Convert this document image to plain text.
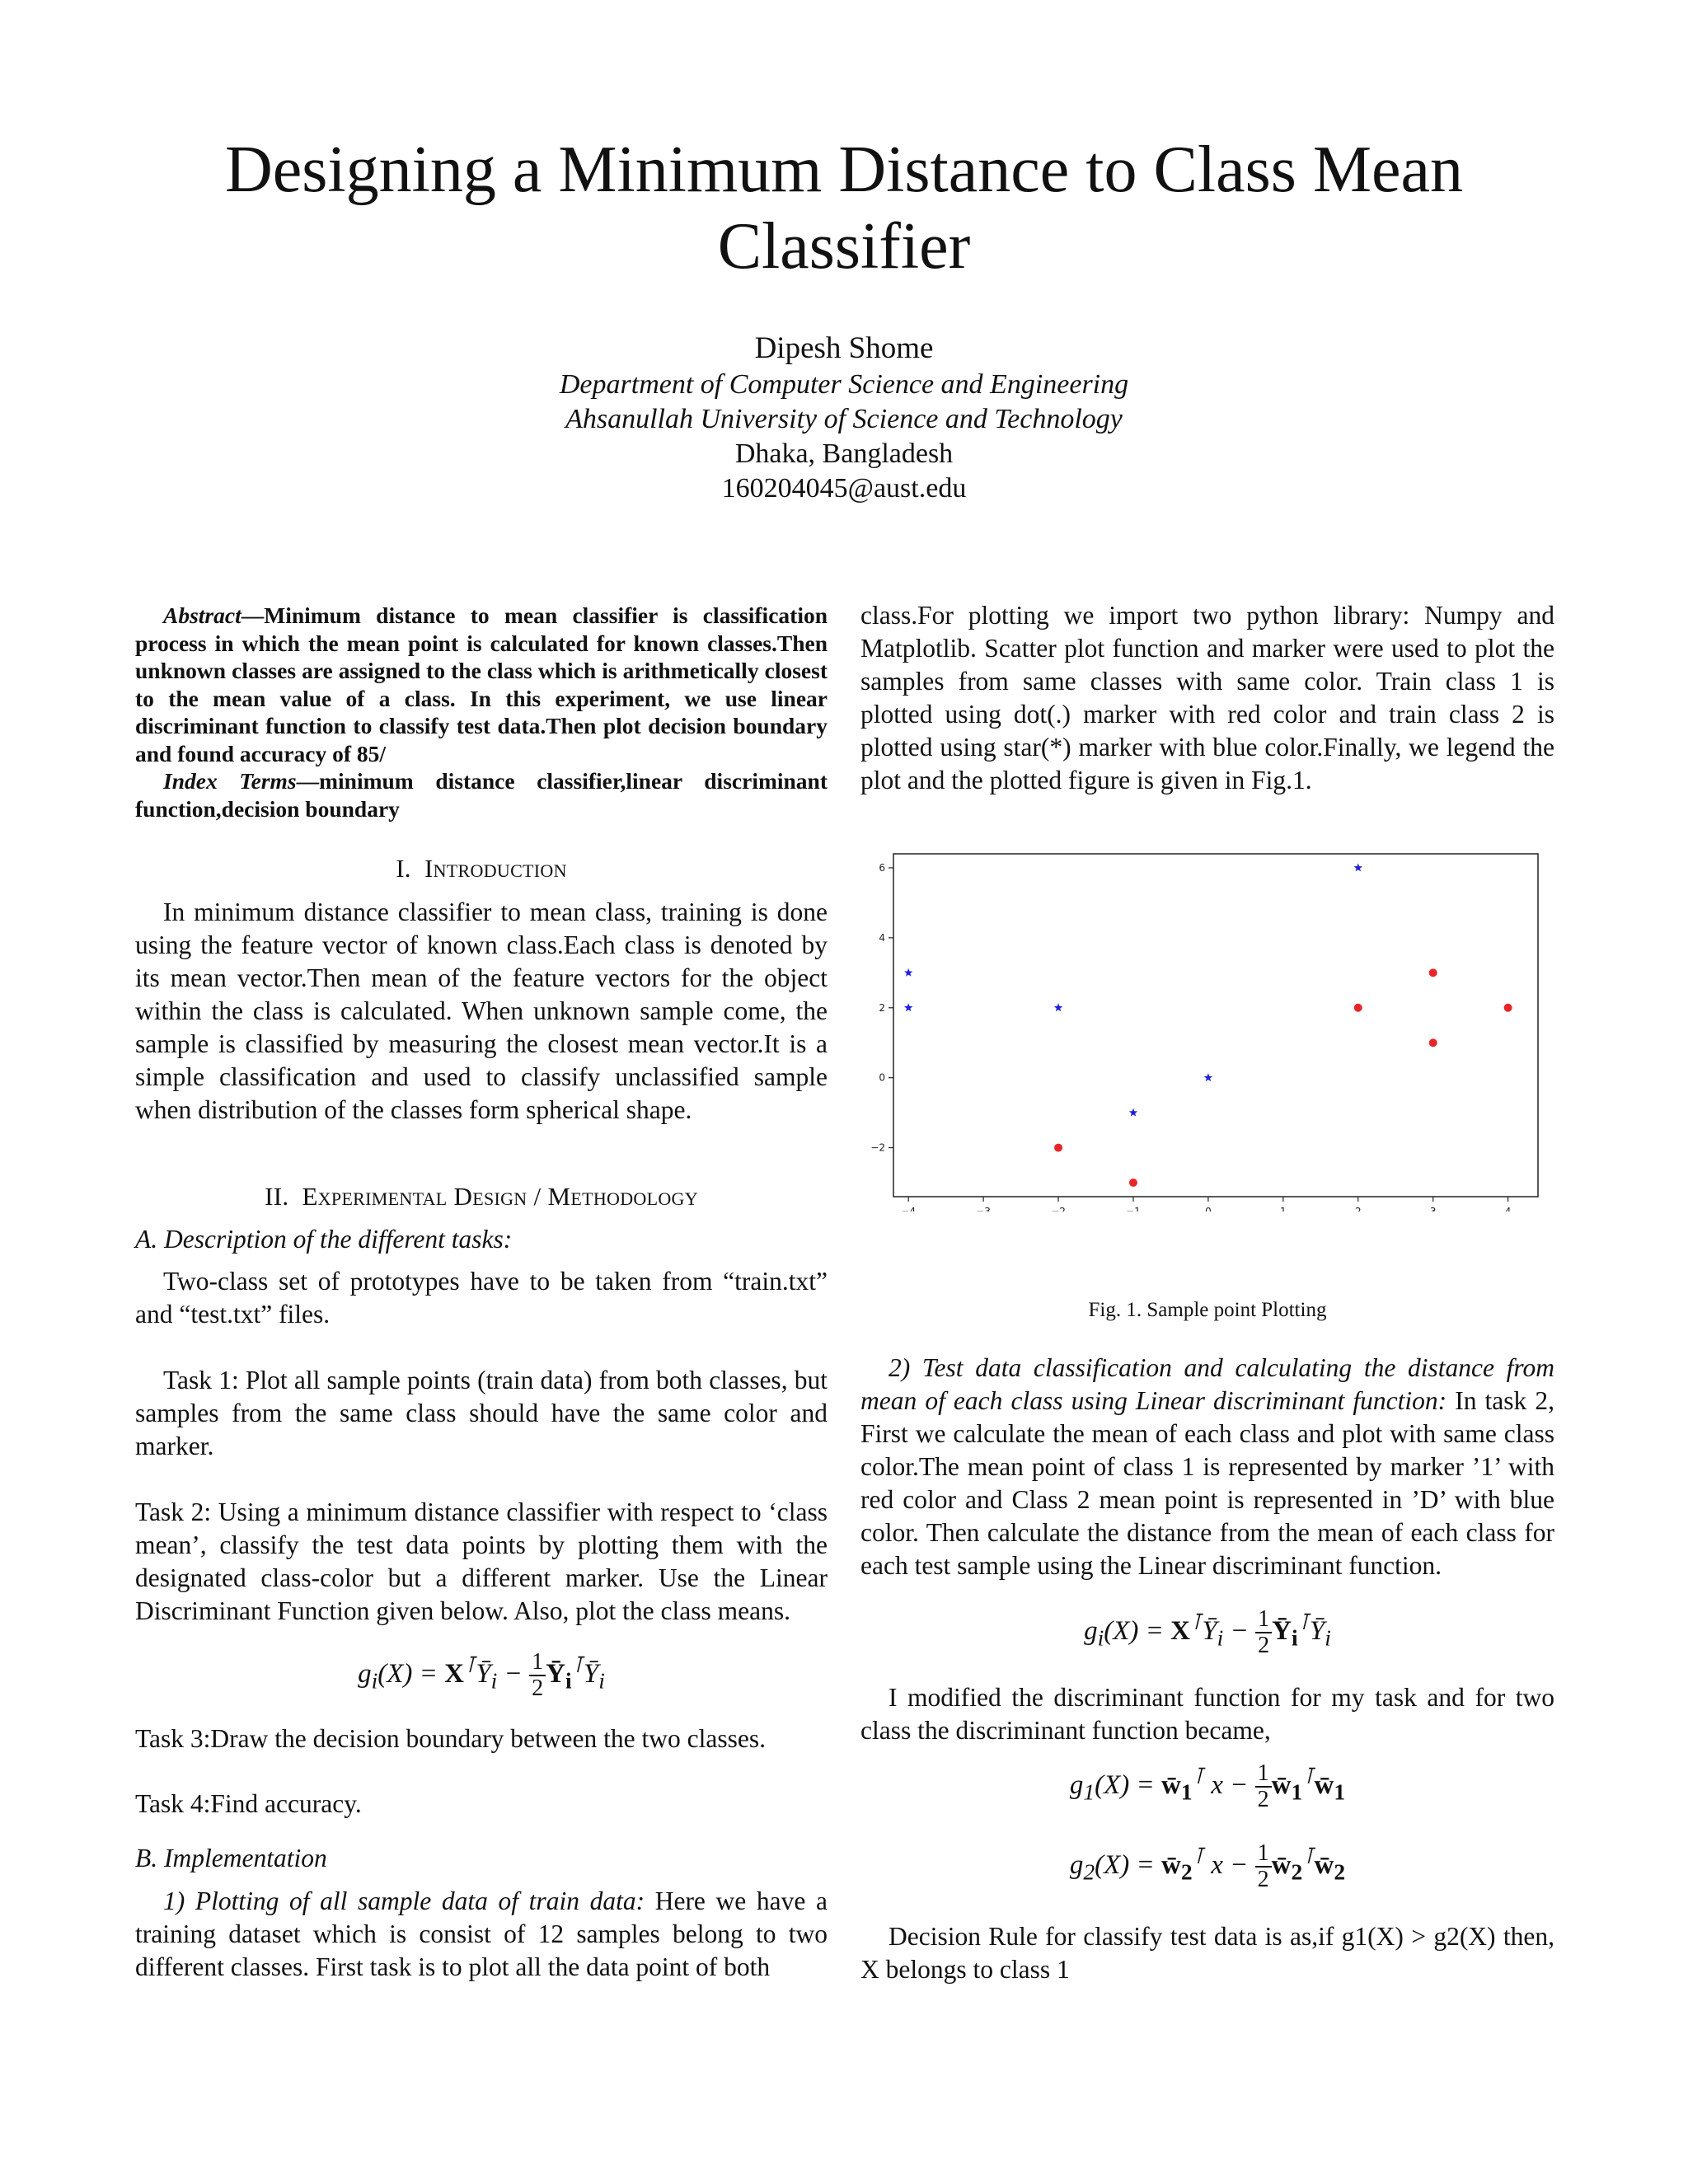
Designing a Minimum Distance to Class Mean Classifier
Dipesh Shome
Department of Computer Science and Engineering
Ahsanullah University of Science and Technology
Dhaka, Bangladesh
160204045@aust.edu

Abstract—Minimum distance to mean classifier is classification process in which the mean point is calculated for known classes.Then unknown classes are assigned to the class which is arithmetically closest to the mean value of a class. In this experiment, we use linear discriminant function to classify test data.Then plot decision boundary and found accuracy of 85/

Index Terms—minimum distance classifier,linear discriminant function,decision boundary

I. Introduction

In minimum distance classifier to mean class, training is done using the feature vector of known class.Each class is denoted by its mean vector.Then mean of the feature vectors for the object within the class is calculated. When unknown sample come, the sample is classified by measuring the closest mean vector.It is a simple classification and used to classify unclassified sample when distribution of the classes form spherical shape.

II. Experimental Design / Methodology

A. Description of the different tasks:

Two-class set of prototypes have to be taken from “train.txt” and “test.txt” files.

Task 1: Plot all sample points (train data) from both classes, but samples from the same class should have the same color and marker.

Task 2: Using a minimum distance classifier with respect to ‘class mean’, classify the test data points by plotting them with the designated class-color but a different marker. Use the Linear Discriminant Function given below. Also, plot the class means.

$g_i(X)$ = $X^⊺Ȳ_i - \frac{1}{2}$ $Ȳ_i^⊺Ȳ_i$

Task 3:Draw the decision boundary between the two classes.

Task 4:Find accuracy.

B. Implementation

1) Plotting of all sample data of train data: Here we have a training dataset which is consist of 12 samples belong to two different classes. First task is to plot all the data point of both

class.For plotting we import two python library: Numpy and Matplotlib. Scatter plot function and marker were used to plot the samples from same classes with same color. Train class 1 is plotted using dot(.) marker with red color and train class 2 is plotted using star(*) marker with blue color.Finally, we legend the plot and the plotted figure is given in Fig.1.

−4	−3	−2	−1	0	1	2	3	4
−2
0
2
4
6
Fig. 1. Sample point Plotting

2) Test data classification and calculating the distance from mean of each class using Linear discriminant function: In task 2, First we calculate the mean of each class and plot with same class color.The mean point of class 1 is represented by marker ’1’ with red color and Class 2 mean point is represented in ’D’ with blue color. Then calculate the distance from the mean of each class for each test sample using the Linear discriminant function.

$g_i(X)$ = $X^⊺Ȳ_i - \frac{1}{2}$ $Ȳ_i^⊺Ȳ_i$

I modified the discriminant function for my task and for two class the discriminant function became,

$g_1(X)$ = $w̄_1^⊺$ $x - \frac{1}{2}$ $w̄_1^⊺w̄_1$
$g_2(X)$ = $w̄_2^⊺$ $x - \frac{1}{2}$ $w̄_2^⊺w̄_2$

Decision Rule for classify test data is as,if g1(X) > g2(X) then, X belongs to class 1
